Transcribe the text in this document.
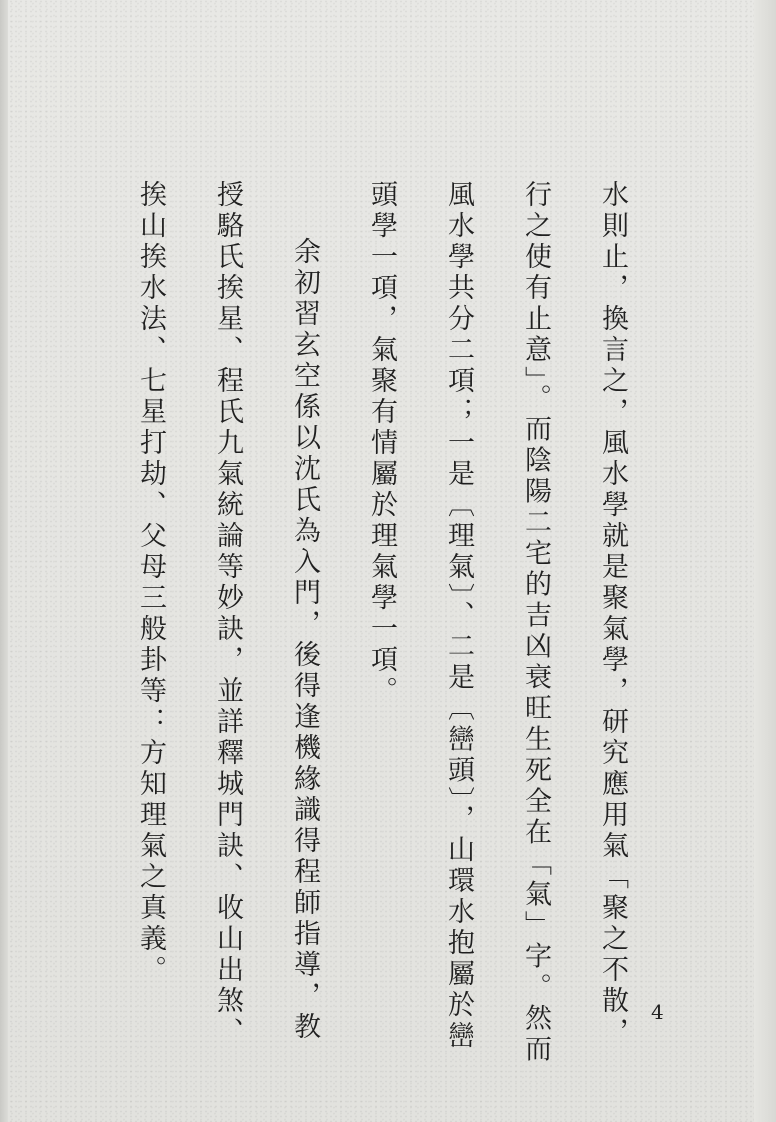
水則止，換言之，風水學就是聚氣學，研究應用氣「聚之不散，
行之使有止意」。而陰陽二宅的吉凶衰旺生死全在「氣」字。然而
風水學共分二項；一是〔理氣〕、二是〔巒頭〕，山環水抱屬於巒
頭學一項，氣聚有情屬於理氣學一項。
　余初習玄空係以沈氏為入門，後得逢機緣識得程師指導，教
授駱氏挨星、程氏九氣統論等妙訣，並詳釋城門訣、收山出煞、
挨山挨水法、七星打劫、父母三般卦等：方知理氣之真義。
4
